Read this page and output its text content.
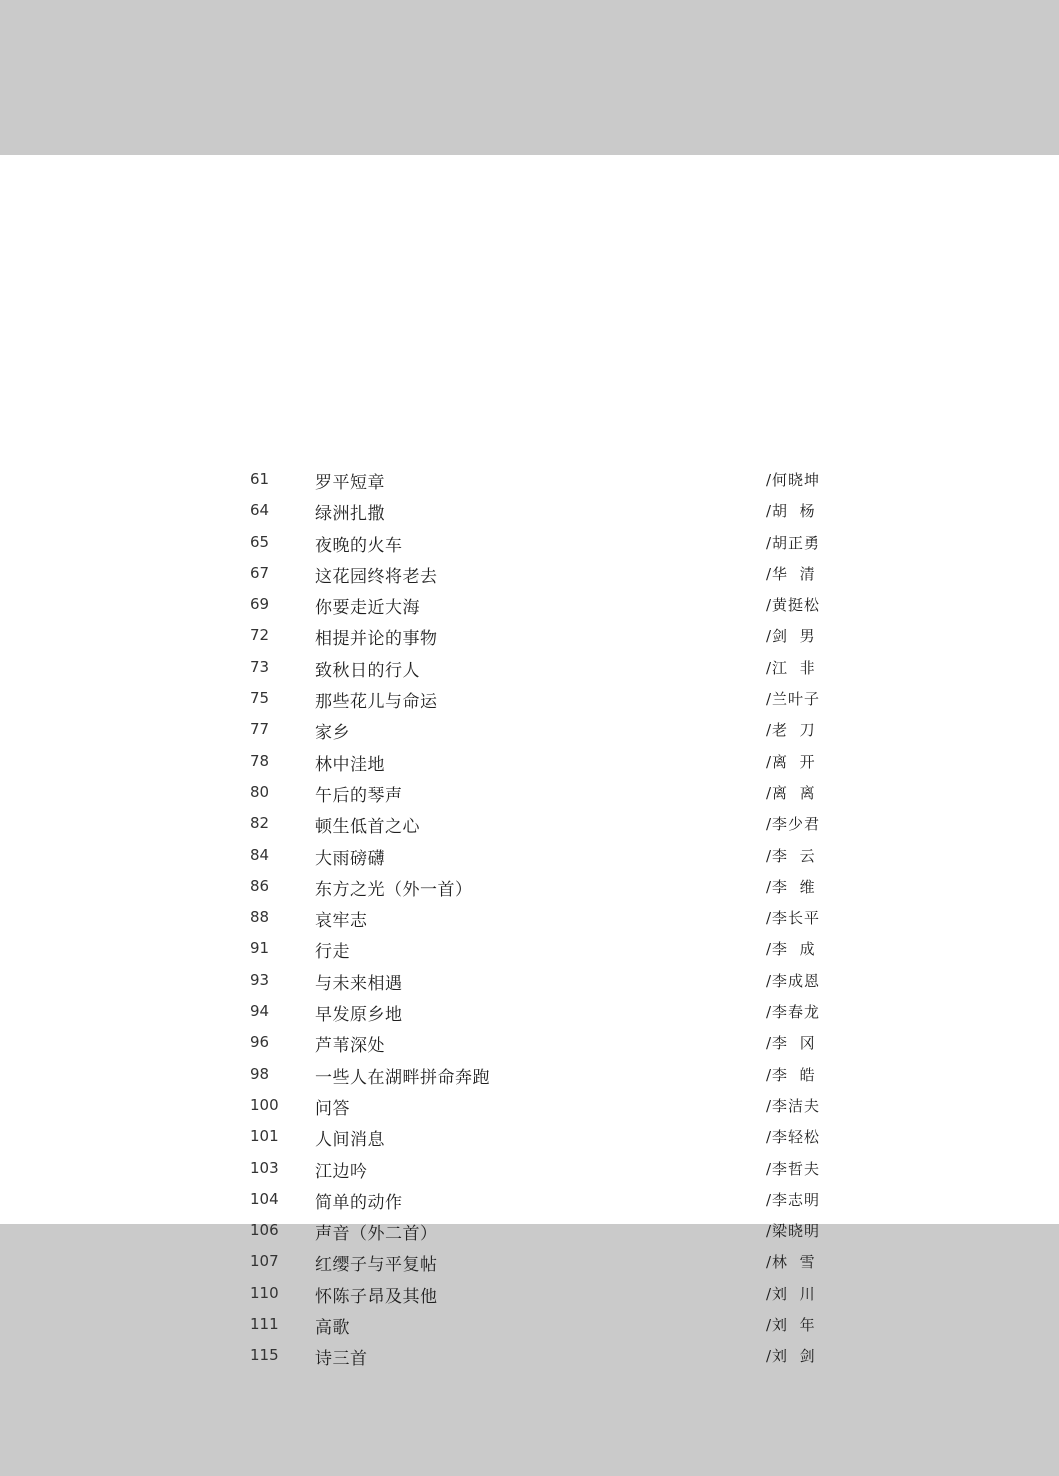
61	罗平短章	/何晓坤
64	绿洲扎撒	/胡  杨
65	夜晚的火车	/胡正勇
67	这花园终将老去	/华  清
69	你要走近大海	/黄挺松
72	相提并论的事物	/剑  男
73	致秋日的行人	/江  非
75	那些花儿与命运	/兰叶子
77	家乡	/老  刀
78	林中洼地	/离  开
80	午后的琴声	/离  离
82	顿生低首之心	/李少君
84	大雨磅礴	/李  云
86	东方之光（外一首）	/李  维
88	哀牢志	/李长平
91	行走	/李  成
93	与未来相遇	/李成恩
94	早发原乡地	/李春龙
96	芦苇深处	/李  冈
98	一些人在湖畔拼命奔跑	/李  皓
100 问答	/李洁夫
101 人间消息	/李轻松
103 江边吟	/李哲夫
104 简单的动作	/李志明
106 声音（外二首）	/梁晓明
107 红缨子与平复帖	/林  雪
110 怀陈子昂及其他	/刘  川
111 高歌	/刘  年
115 诗三首	/刘  剑
